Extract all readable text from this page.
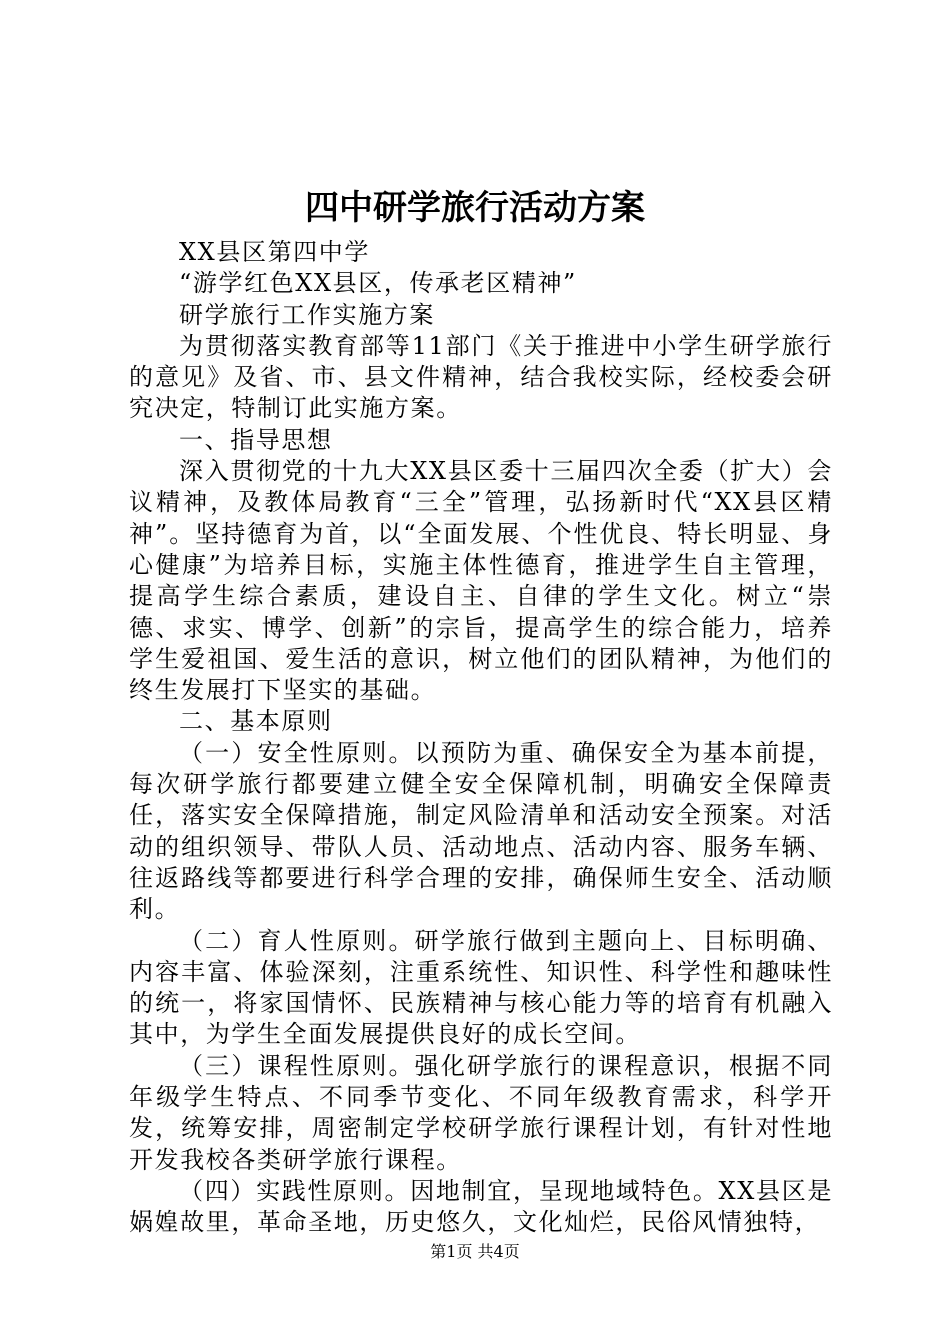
四中研学旅行活动方案

XX县区第四中学

“游学红色XX县区，传承老区精神”

研学旅行工作实施方案

为贯彻落实教育部等11部门《关于推进中小学生研学旅行的意见》及省、市、县文件精神，结合我校实际，经校委会研究决定，特制订此实施方案。

一、指导思想

深入贯彻党的十九大XX县区委十三届四次全委（扩大）会议精神，及教体局教育“三全”管理，弘扬新时代“XX县区精神”。坚持德育为首，以“全面发展、个性优良、特长明显、身心健康”为培养目标，实施主体性德育，推进学生自主管理，提高学生综合素质，建设自主、自律的学生文化。树立“崇德、求实、博学、创新”的宗旨，提高学生的综合能力，培养学生爱祖国、爱生活的意识，树立他们的团队精神，为他们的终生发展打下坚实的基础。

二、基本原则

（一）安全性原则。以预防为重、确保安全为基本前提，每次研学旅行都要建立健全安全保障机制，明确安全保障责任，落实安全保障措施，制定风险清单和活动安全预案。对活动的组织领导、带队人员、活动地点、活动内容、服务车辆、往返路线等都要进行科学合理的安排，确保师生安全、活动顺利。

（二）育人性原则。研学旅行做到主题向上、目标明确、内容丰富、体验深刻，注重系统性、知识性、科学性和趣味性的统一，将家国情怀、民族精神与核心能力等的培育有机融入其中，为学生全面发展提供良好的成长空间。

（三）课程性原则。强化研学旅行的课程意识，根据不同年级学生特点、不同季节变化、不同年级教育需求，科学开发，统筹安排，周密制定学校研学旅行课程计划，有针对性地开发我校各类研学旅行课程。

（四）实践性原则。因地制宜，呈现地域特色。XX县区是娲媓故里，革命圣地，历史悠久，文化灿烂，民俗风情独特，

第1页 共4页
